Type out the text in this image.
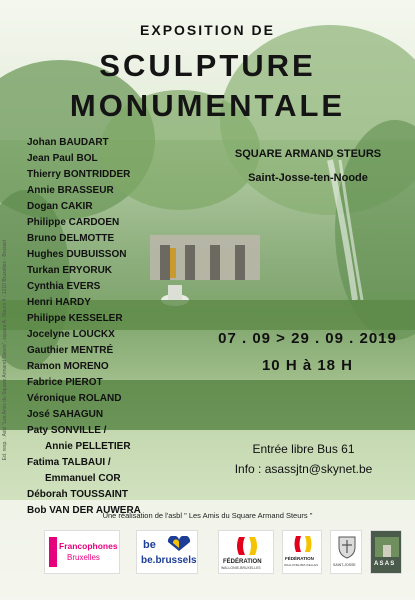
EXPOSITION DE
SCULPTURE
MONUMENTALE
Johan BAUDART
Jean Paul BOL
Thierry BONTRIDDER
Annie BRASSEUR
Dogan CAKIR
Philippe CARDOEN
Bruno DELMOTTE
Hughes DUBUISSON
Turkan ERYORUK
Cynthia EVERS
Henri HARDY
Philippe KESSELER
Jocelyne LOUCKX
Gauthier MENTRÉ
Ramon MORENO
Fabrice PIEROT
Véronique ROLAND
José SAHAGUN
Paty SONVILLE /
Annie PELLETIER
Fatima TALBAUI /
Emmanuel COR
Déborah TOUSSAINT
Bob VAN DER AUWERA
SQUARE ARMAND STEURS
Saint-Josse-ten-Noode
07 . 09 > 29 . 09 . 2019
10 H à 18 H
Entrée libre Bus 61
Info : asassjtn@skynet.be
Ed. resp. : Asbl "Les Amis du Square Armand Steurs", square A. Steurs 4 - 1210 Bruxelles - Brussel
Une réalisation de l'asbl " Les Amis du Square Armand Steurs "
Francophones
Bruxelles
be
be.brussels	FÉDÉRATION
WALLONIE-BRUXELLES
FÉDÉRATION
WALLONIE-BRUXELLES	SAINT-JOSSE	A S A S
